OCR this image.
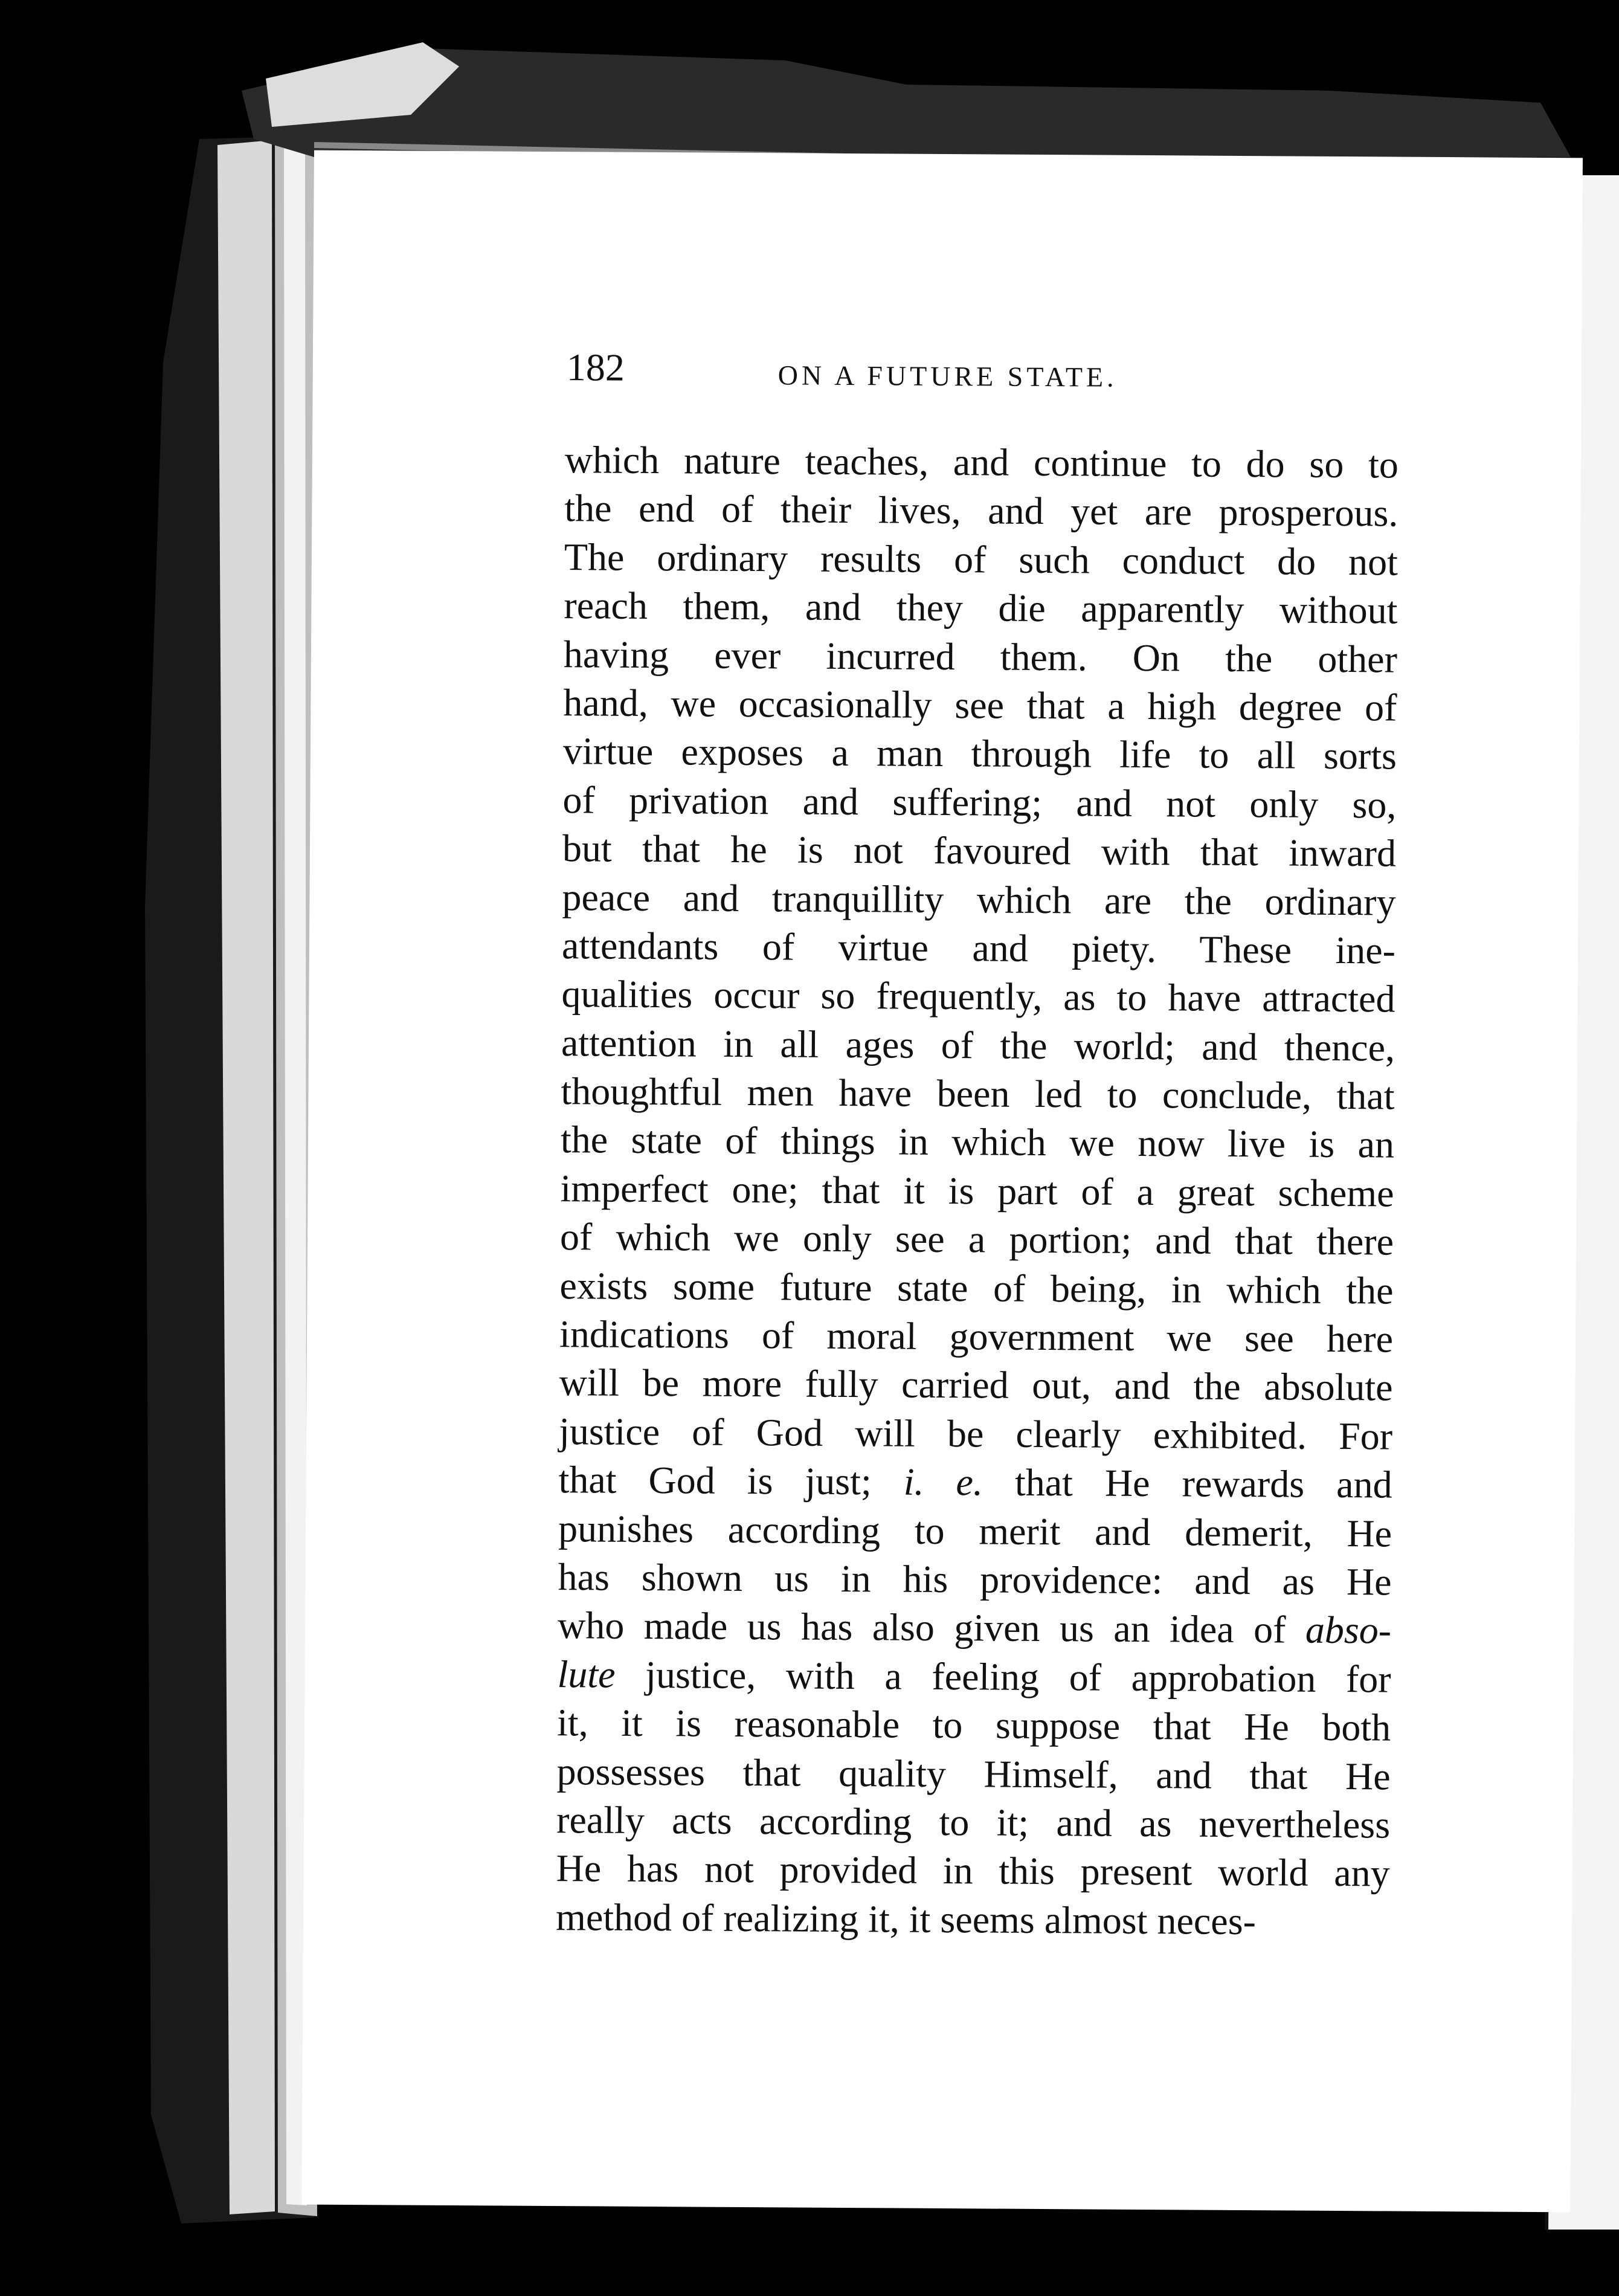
182	ON A FUTURE STATE.
which nature teaches, and continue to do so to
the end of their lives, and yet are prosperous.
The ordinary results of such conduct do not
reach them, and they die apparently without
having ever incurred them. On the other
hand, we occasionally see that a high degree of
virtue exposes a man through life to all sorts
of privation and suffering; and not only so,
but that he is not favoured with that inward
peace and tranquillity which are the ordinary
attendants of virtue and piety. These ine-
qualities occur so frequently, as to have attracted
attention in all ages of the world; and thence,
thoughtful men have been led to conclude, that
the state of things in which we now live is an
imperfect one; that it is part of a great scheme
of which we only see a portion; and that there
exists some future state of being, in which the
indications of moral government we see here
will be more fully carried out, and the absolute
justice of God will be clearly exhibited. For
that God is just; i. e. that He rewards and
punishes according to merit and demerit, He
has shown us in his providence: and as He
who made us has also given us an idea of abso-
lute justice, with a feeling of approbation for
it, it is reasonable to suppose that He both
possesses that quality Himself, and that He
really acts according to it; and as nevertheless
He has not provided in this present world any
method of realizing it, it seems almost neces-
